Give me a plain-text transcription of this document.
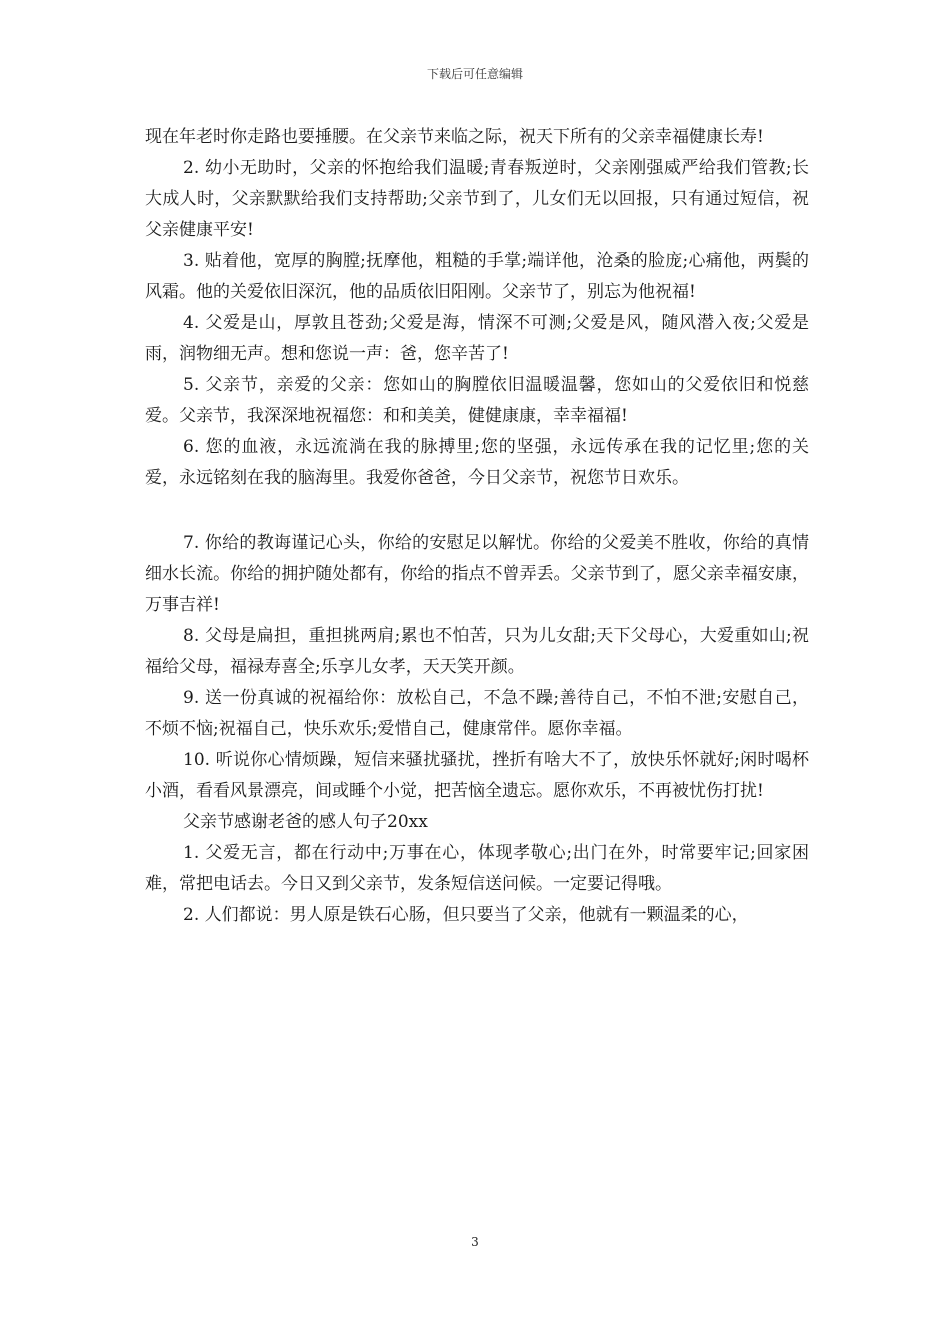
下载后可任意编辑

现在年老时你走路也要捶腰。在父亲节来临之际，祝天下所有的父亲幸福健康长寿!

2. 幼小无助时，父亲的怀抱给我们温暖;青春叛逆时，父亲刚强威严给我们管教;长大成人时，父亲默默给我们支持帮助;父亲节到了，儿女们无以回报，只有通过短信，祝父亲健康平安!

3. 贴着他，宽厚的胸膛;抚摩他，粗糙的手掌;端详他，沧桑的脸庞;心痛他，两鬓的风霜。他的关爱依旧深沉，他的品质依旧阳刚。父亲节了，别忘为他祝福!

4. 父爱是山，厚敦且苍劲;父爱是海，情深不可测;父爱是风，随风潜入夜;父爱是雨，润物细无声。想和您说一声：爸，您辛苦了!

5. 父亲节，亲爱的父亲：您如山的胸膛依旧温暖温馨，您如山的父爱依旧和悦慈爱。父亲节，我深深地祝福您：和和美美，健健康康，幸幸福福!

6. 您的血液，永远流淌在我的脉搏里;您的坚强，永远传承在我的记忆里;您的关爱，永远铭刻在我的脑海里。我爱你爸爸，今日父亲节，祝您节日欢乐。

7. 你给的教诲谨记心头，你给的安慰足以解忧。你给的父爱美不胜收，你给的真情细水长流。你给的拥护随处都有，你给的指点不曾弄丢。父亲节到了，愿父亲幸福安康，万事吉祥!

8. 父母是扁担，重担挑两肩;累也不怕苦，只为儿女甜;天下父母心，大爱重如山;祝福给父母，福禄寿喜全;乐享儿女孝，天天笑开颜。

9. 送一份真诚的祝福给你：放松自己，不急不躁;善待自己，不怕不泄;安慰自己，不烦不恼;祝福自己，快乐欢乐;爱惜自己，健康常伴。愿你幸福。

10. 听说你心情烦躁，短信来骚扰骚扰，挫折有啥大不了，放快乐怀就好;闲时喝杯小酒，看看风景漂亮，间或睡个小觉，把苦恼全遗忘。愿你欢乐，不再被忧伤打扰!

父亲节感谢老爸的感人句子20xx

1. 父爱无言，都在行动中;万事在心，体现孝敬心;出门在外，时常要牢记;回家困难，常把电话去。今日又到父亲节，发条短信送问候。一定要记得哦。

2. 人们都说：男人原是铁石心肠，但只要当了父亲，他就有一颗温柔的心，

3
